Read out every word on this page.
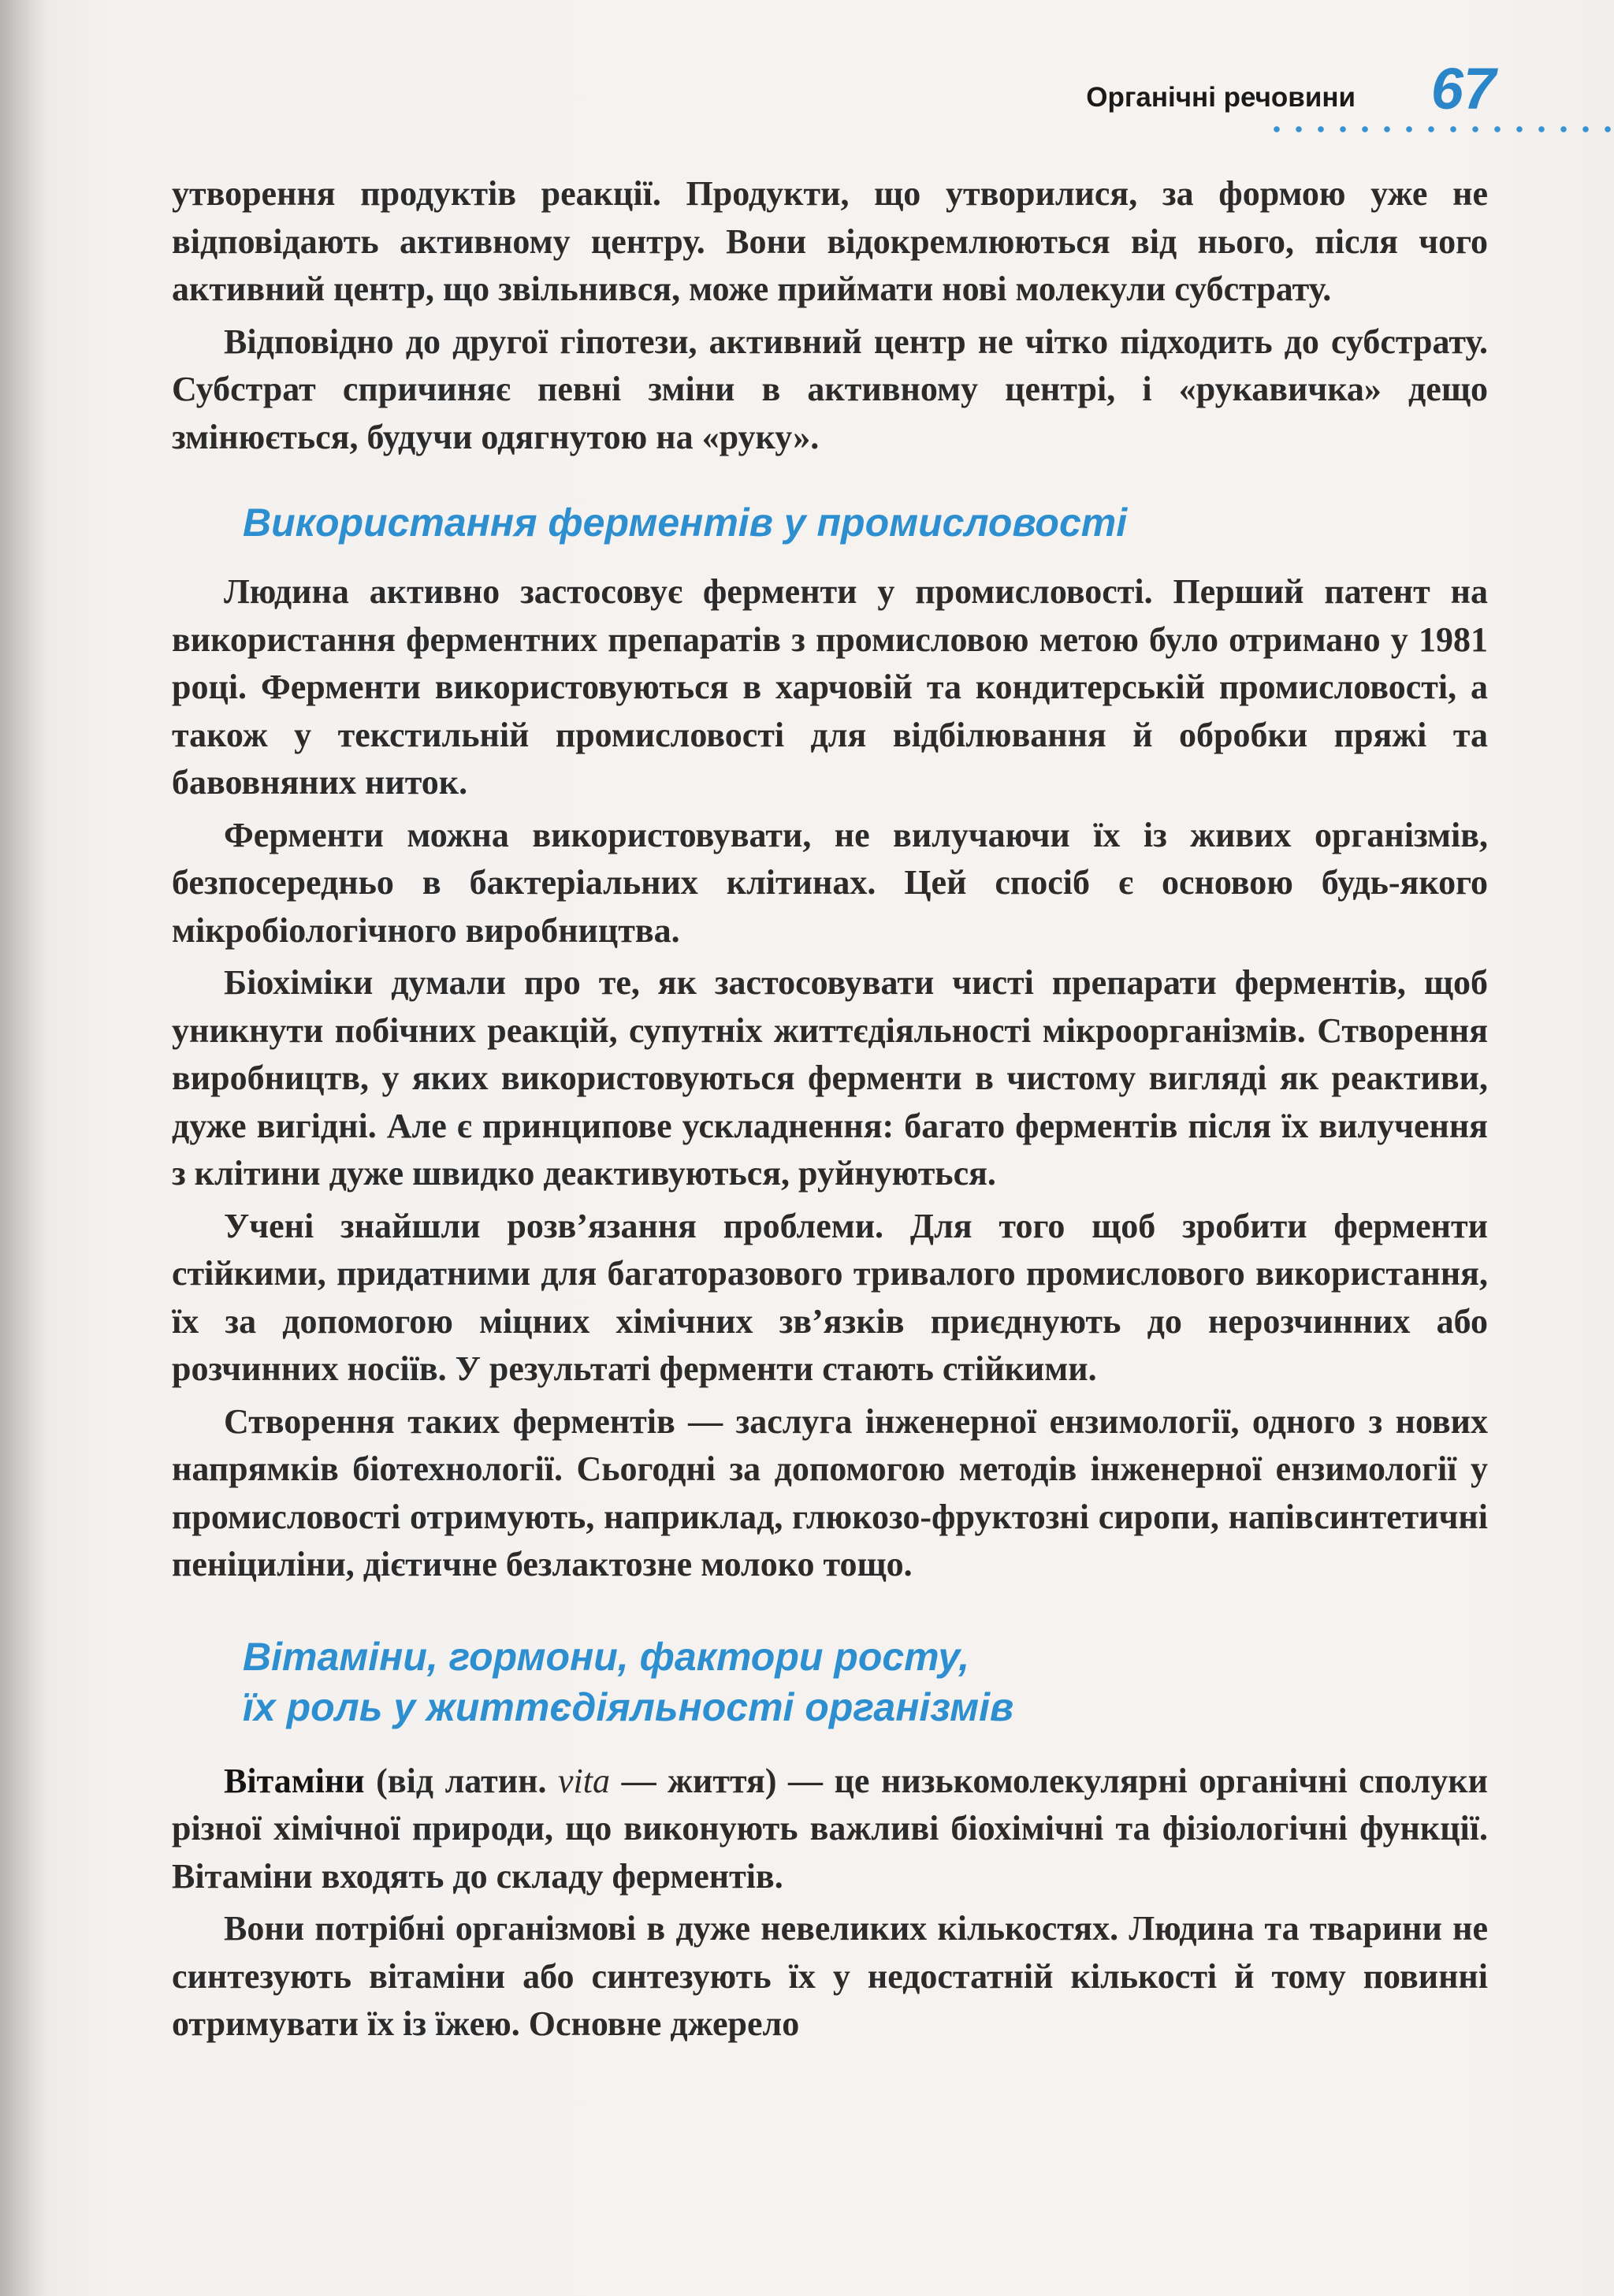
Органічні речовини 67

утворення продуктів реакції. Продукти, що утворилися, за формою уже не відповідають активному центру. Вони відокремлюються від нього, після чого активний центр, що звільнився, може приймати нові молекули субстрату.

Відповідно до другої гіпотези, активний центр не чітко підходить до субстрату. Субстрат спричиняє певні зміни в активному центрі, і «рукавичка» дещо змінюється, будучи одягнутою на «руку».

Використання ферментів у промисловості

Людина активно застосовує ферменти у промисловості. Перший патент на використання ферментних препаратів з промисловою метою було отримано у 1981 році. Ферменти використовуються в харчовій та кондитерській промисловості, а також у текстильній промисловості для відбілювання й обробки пряжі та бавовняних ниток.

Ферменти можна використовувати, не вилучаючи їх із живих організмів, безпосередньо в бактеріальних клітинах. Цей спосіб є основою будь-якого мікробіологічного виробництва.

Біохіміки думали про те, як застосовувати чисті препарати ферментів, щоб уникнути побічних реакцій, супутніх життєдіяльності мікроорганізмів. Створення виробництв, у яких використовуються ферменти в чистому вигляді як реактиви, дуже вигідні. Але є принципове ускладнення: багато ферментів після їх вилучення з клітини дуже швидко деактивуються, руйнуються.

Учені знайшли розв’язання проблеми. Для того щоб зробити ферменти стійкими, придатними для багаторазового тривалого промислового використання, їх за допомогою міцних хімічних зв’язків приєднують до нерозчинних або розчинних носіїв. У результаті ферменти стають стійкими.

Створення таких ферментів — заслуга інженерної ензимології, одного з нових напрямків біотехнології. Сьогодні за допомогою методів інженерної ензимології у промисловості отримують, наприклад, глюкозо-фруктозні сиропи, напівсинтетичні пеніциліни, дієтичне безлактозне молоко тощо.

Вітаміни, гормони, фактори росту,
їх роль у життєдіяльності організмів

Вітаміни (від латин. vita — життя) — це низькомолекулярні органічні сполуки різної хімічної природи, що виконують важливі біохімічні та фізіологічні функції. Вітаміни входять до складу ферментів.

Вони потрібні організмові в дуже невеликих кількостях. Людина та тварини не синтезують вітаміни або синтезують їх у недостатній кількості й тому повинні отримувати їх із їжею. Основне джерело
